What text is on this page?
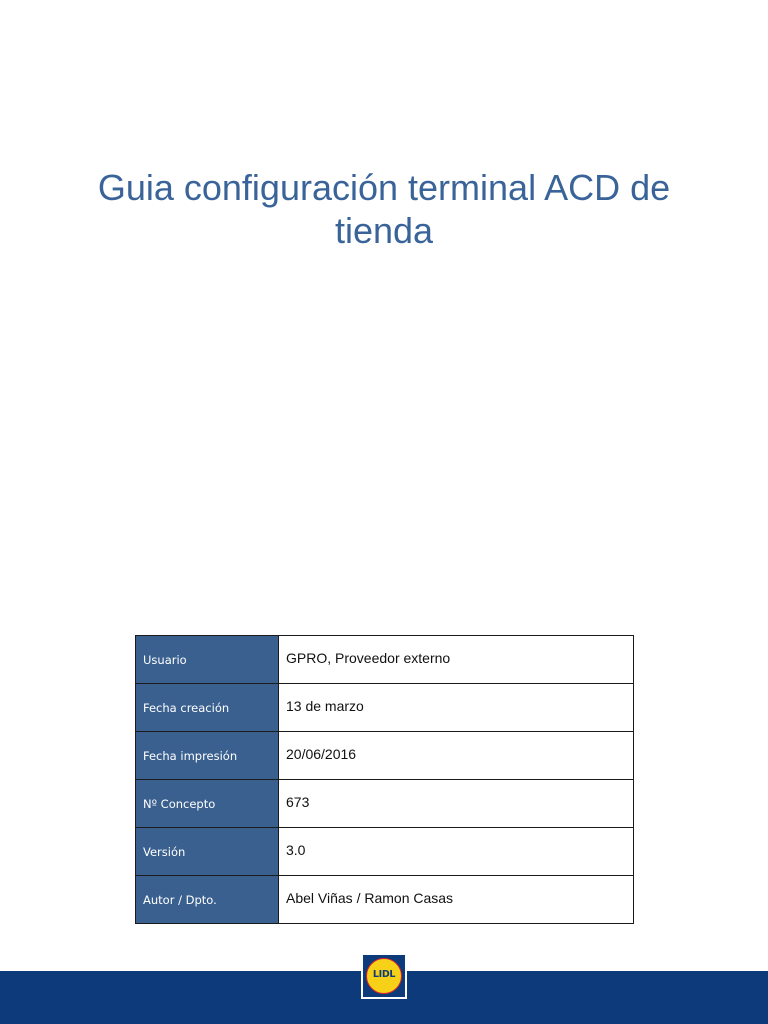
Guia configuración terminal ACD de tienda
Usuario	GPRO, Proveedor externo
Fecha creación	13 de marzo
Fecha impresión	20/06/2016
Nº Concepto	673
Versión	3.0
Autor / Dpto.	Abel Viñas / Ramon Casas
LIDL
